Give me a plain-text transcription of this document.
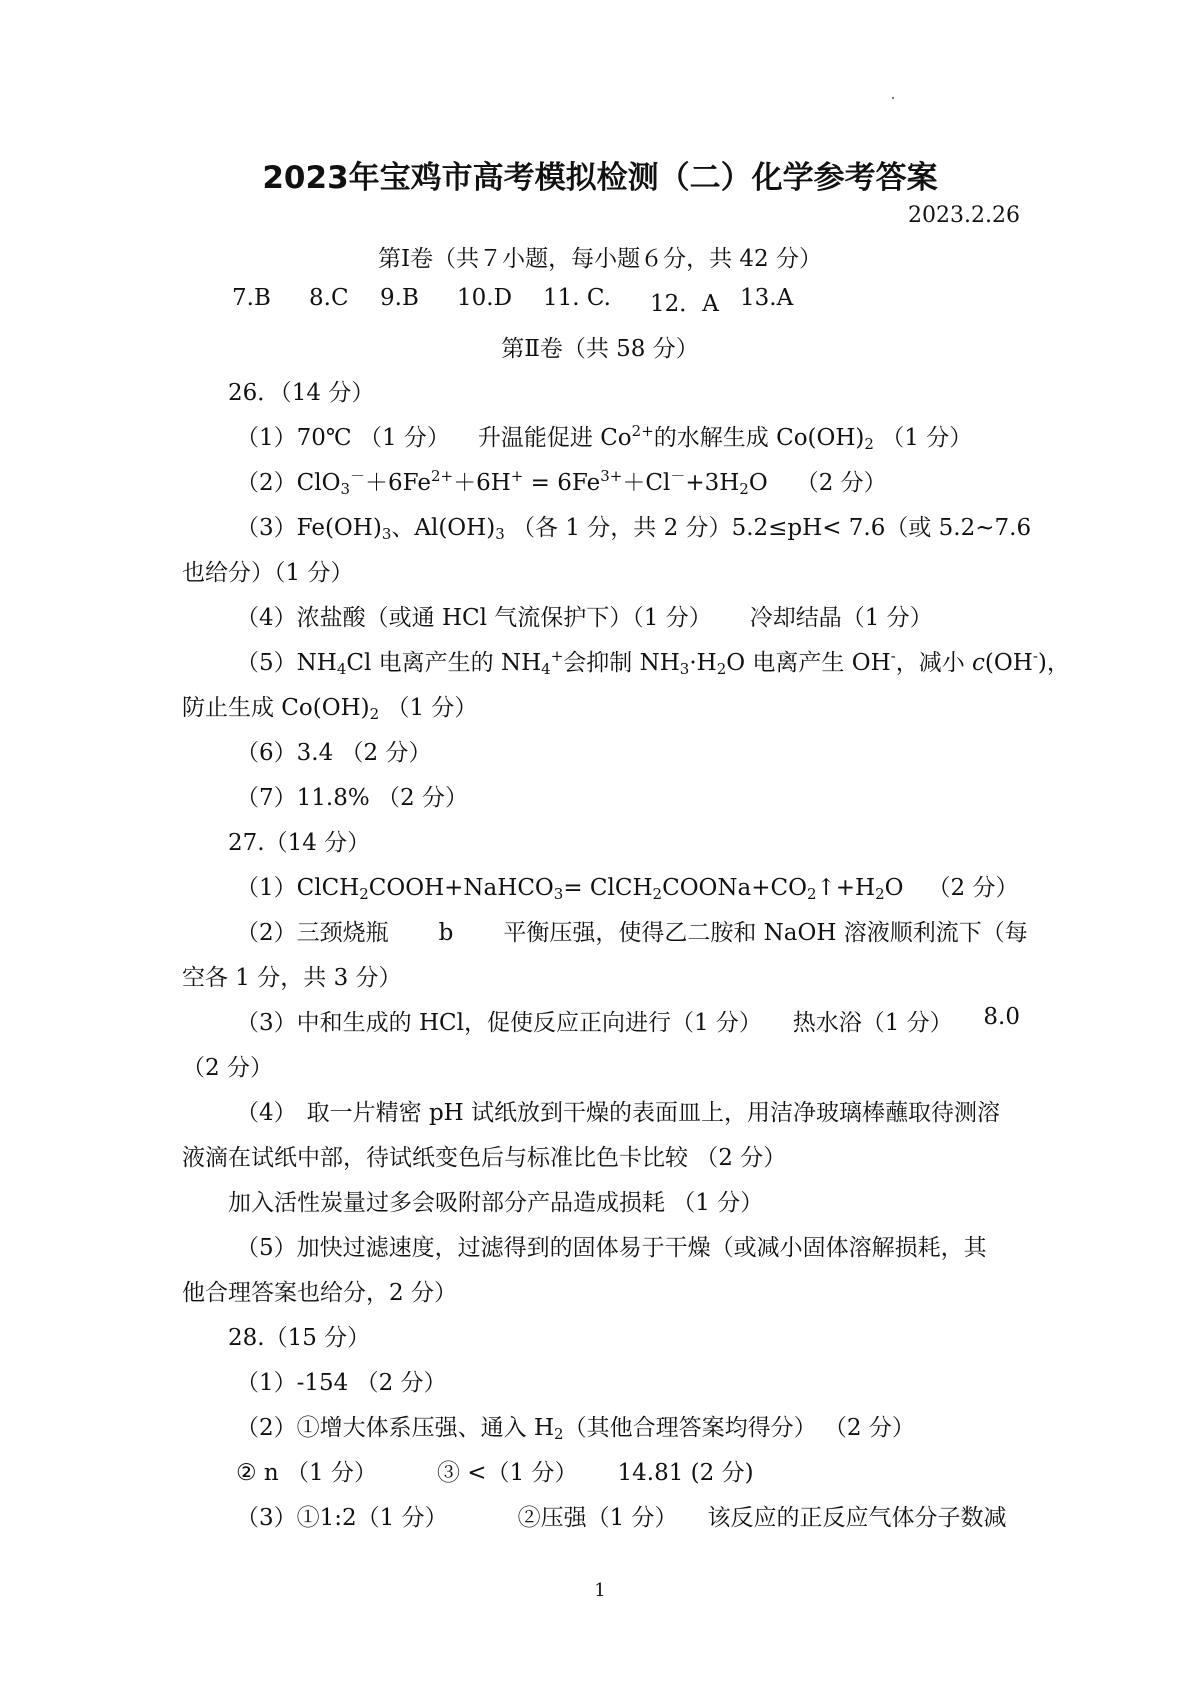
2023年宝鸡市高考模拟检测（二）化学参考答案
2023.2.26
第Ⅰ卷（共７小题，每小题６分，共 42 分）
7.B	8.C	9.B	10.D	11. C.	12．A 13.A
第Ⅱ卷（共 58 分）
26．（14 分）
（1）70℃ （1 分） 升温能促进 $Co^{2+}$的水解生成 $Co(OH)_2$ （1 分）
$(2)ClO_3^-+6Fe^{2+}+6H^+ = 6Fe^{3+}+Cl^-+3H_2O$ （2 分）
$(3)Fe(OH)_3$、$Al(OH)_3$ （各 1 分，共 2 分） 5.2≤pH< 7.6（或 5.2~7.6
也给分）（1 分）
（4）浓盐酸（或通 HCl 气流保护下）（1 分） 冷却结晶（1 分）
$(5)NH_4Cl$ 电离产生的 $NH_4^+$会抑制 $NH_3\cdot H_2O$ 电离产生 OH-，减小 c(OH-)，
防止生成 $Co(OH)_2$ （1 分）
（6）3.4 （2 分）
（7）11.8% （2 分）
27.（14 分）
（1）ClCH$_2$COOH+NaHCO$_3$= $ClCH_2COONa+CO_2↑+H_2O$ （2 分）
（2）三颈烧瓶 b 平衡压强，使得乙二胺和 NaOH 溶液顺利流下（每
空各 1 分，共 3 分）
（3）中和生成的 HCl，促使反应正向进行（1 分） 热水浴（1 分） 8.0
（2 分）
（4） 取一片精密 pH 试纸放到干燥的表面皿上，用洁净玻璃棒蘸取待测溶
液滴在试纸中部，待试纸变色后与标准比色卡比较 （2 分）
加入活性炭量过多会吸附部分产品造成损耗 （1 分）
（5）加快过滤速度，过滤得到的固体易于干燥（或减小固体溶解损耗，其
他合理答案也给分，2 分）
28.（15 分）
（1）-154 （2 分）
（2）①增大体系压强、通入 $H_2$（其他合理答案均得分） （2 分）
② n （1 分）	③ <（1 分） 14.81 (2 分)
（3）①1:2（1 分）	②压强（1 分） 该反应的正反应气体分子数减
1
